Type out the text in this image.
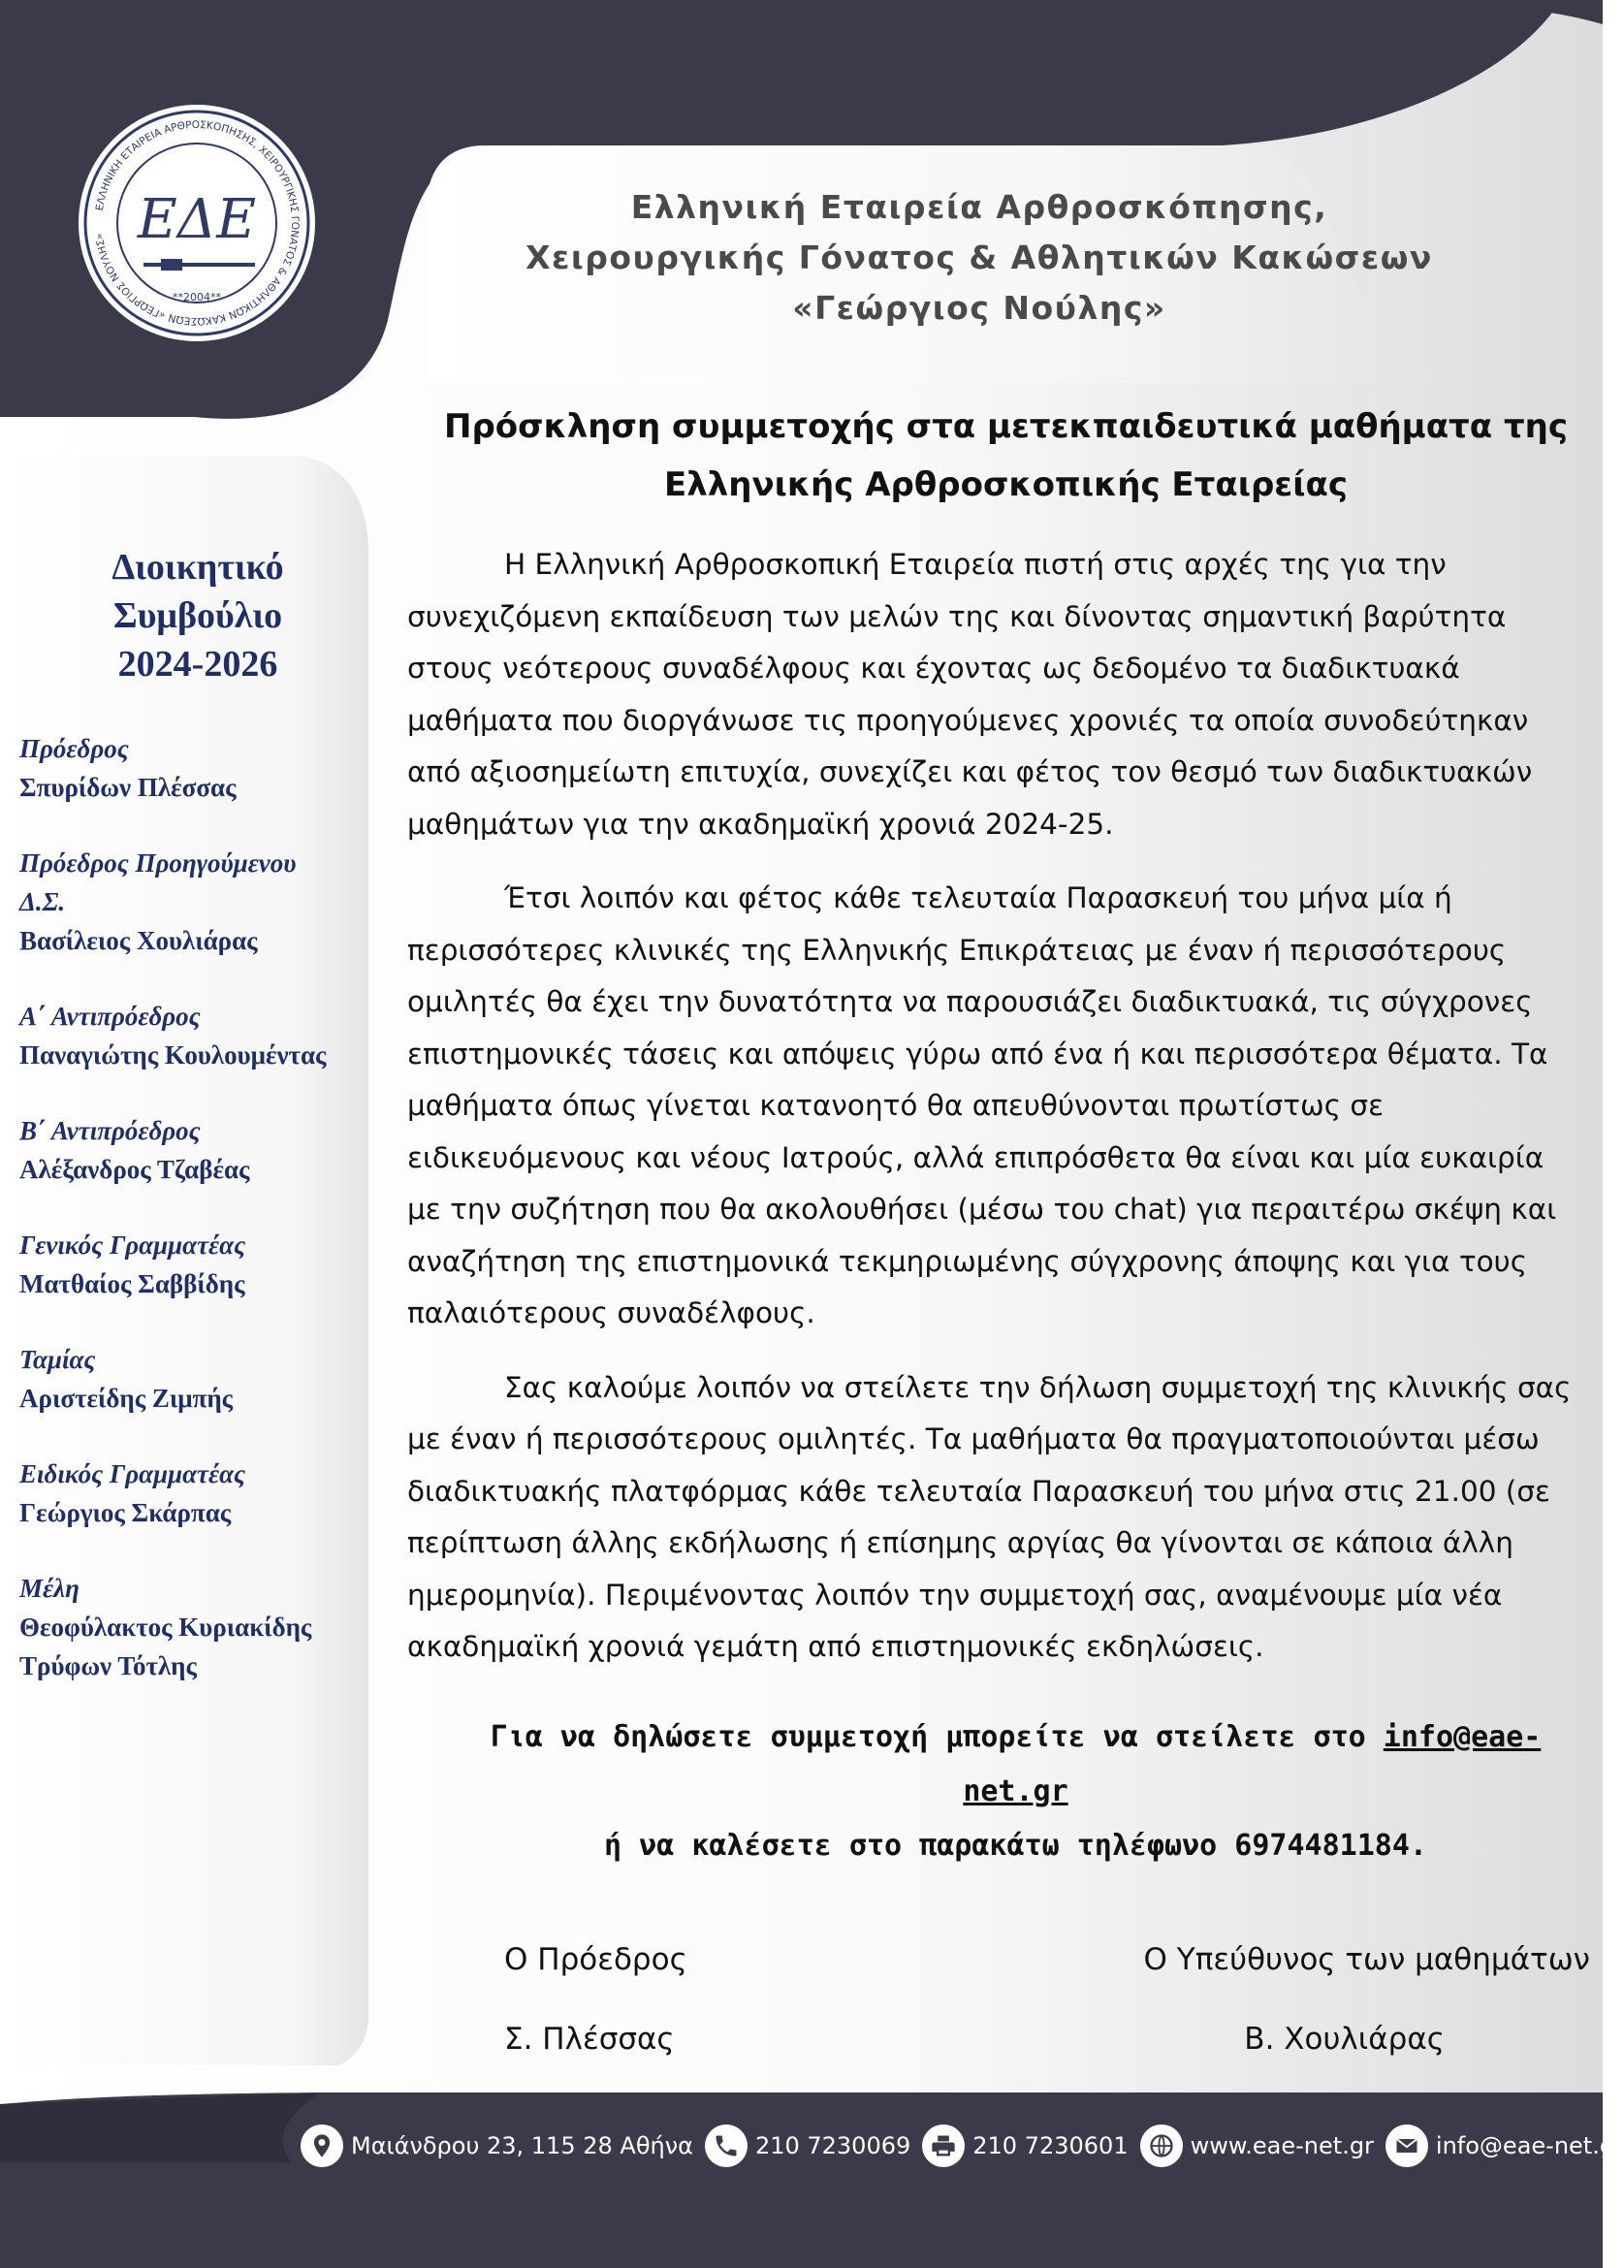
ΕΛΛΗΝΙΚΗ ΕΤΑΙΡΕΙΑ ΑΡΘΡΟΣΚΟΠΗΣΗΣ, ΧΕΙΡΟΥΡΓΙΚΗΣ ΓΟΝΑΤΟΣ & ΑΘΛΗΤΙΚΩΝ ΚΑΚΩΣΕΩΝ «ΓΕΩΡΓΙΟΣ ΝΟΥΛΗΣ» ΕΔΕ
**2004**
Ελληνική Εταιρεία Αρθροσκόπησης,
Χειρουργικής Γόνατος & Αθλητικών Κακώσεων
«Γεώργιος Νούλης»
Διοικητικό
Συμβούλιο
2024-2026
Πρόεδρος
Σπυρίδων Πλέσσας
Πρόεδρος Προηγούμενου
Δ.Σ.
Βασίλειος Χουλιάρας
Α΄ Αντιπρόεδρος
Παναγιώτης Κουλουμέντας
Β΄ Αντιπρόεδρος
Αλέξανδρος Τζαβέας
Γενικός Γραμματέας
Ματθαίος Σαββίδης
Ταμίας
Αριστείδης Ζιμπής
Ειδικός Γραμματέας
Γεώργιος Σκάρπας
Μέλη
Θεοφύλακτος Κυριακίδης
Τρύφων Τότλης
Πρόσκληση συμμετοχής στα μετεκπαιδευτικά μαθήματα της
Ελληνικής Αρθροσκοπικής Εταιρείας

Η Ελληνική Αρθροσκοπική Εταιρεία πιστή στις αρχές της για την συνεχιζόμενη εκπαίδευση των μελών της και δίνοντας σημαντική βαρύτητα στους νεότερους συναδέλφους και έχοντας ως δεδομένο τα διαδικτυακά μαθήματα που διοργάνωσε τις προηγούμενες χρονιές τα οποία συνοδεύτηκαν από αξιοσημείωτη επιτυχία, συνεχίζει και φέτος τον θεσμό των διαδικτυακών μαθημάτων για την ακαδημαϊκή χρονιά 2024-25.

Έτσι λοιπόν και φέτος κάθε τελευταία Παρασκευή του μήνα μία ή περισσότερες κλινικές της Ελληνικής Επικράτειας με έναν ή περισσότερους ομιλητές θα έχει την δυνατότητα να παρουσιάζει διαδικτυακά, τις σύγχρονες επιστημονικές τάσεις και απόψεις γύρω από ένα ή και περισσότερα θέματα. Τα μαθήματα όπως γίνεται κατανοητό θα απευθύνονται πρωτίστως σε ειδικευόμενους και νέους Ιατρούς, αλλά επιπρόσθετα θα είναι και μία ευκαιρία με την συζήτηση που θα ακολουθήσει (μέσω του chat) για περαιτέρω σκέψη και αναζήτηση της επιστημονικά τεκμηριωμένης σύγχρονης άποψης και για τους παλαιότερους συναδέλφους.

Σας καλούμε λοιπόν να στείλετε την δήλωση συμμετοχή της κλινικής σας με έναν ή περισσότερους ομιλητές. Τα μαθήματα θα πραγματοποιούνται μέσω διαδικτυακής πλατφόρμας κάθε τελευταία Παρασκευή του μήνα στις 21.00 (σε περίπτωση άλλης εκδήλωσης ή επίσημης αργίας θα γίνονται σε κάποια άλλη ημερομηνία). Περιμένοντας λοιπόν την συμμετοχή σας, αναμένουμε μία νέα ακαδημαϊκή χρονιά γεμάτη από επιστημονικές εκδηλώσεις.

Για να δηλώσετε συμμετοχή μπορείτε να στείλετε στο info@eae-net.gr
ή να καλέσετε στο παρακάτω τηλέφωνο 6974481184.
Ο Πρόεδρος
Σ. Πλέσσας
Ο Υπεύθυνος των μαθημάτων
Β. Χουλιάρας
Μαιάνδρου 23, 115 28 Αθήνα	210 7230069	210 7230601	www.eae-net.gr	info@eae-net.gr
